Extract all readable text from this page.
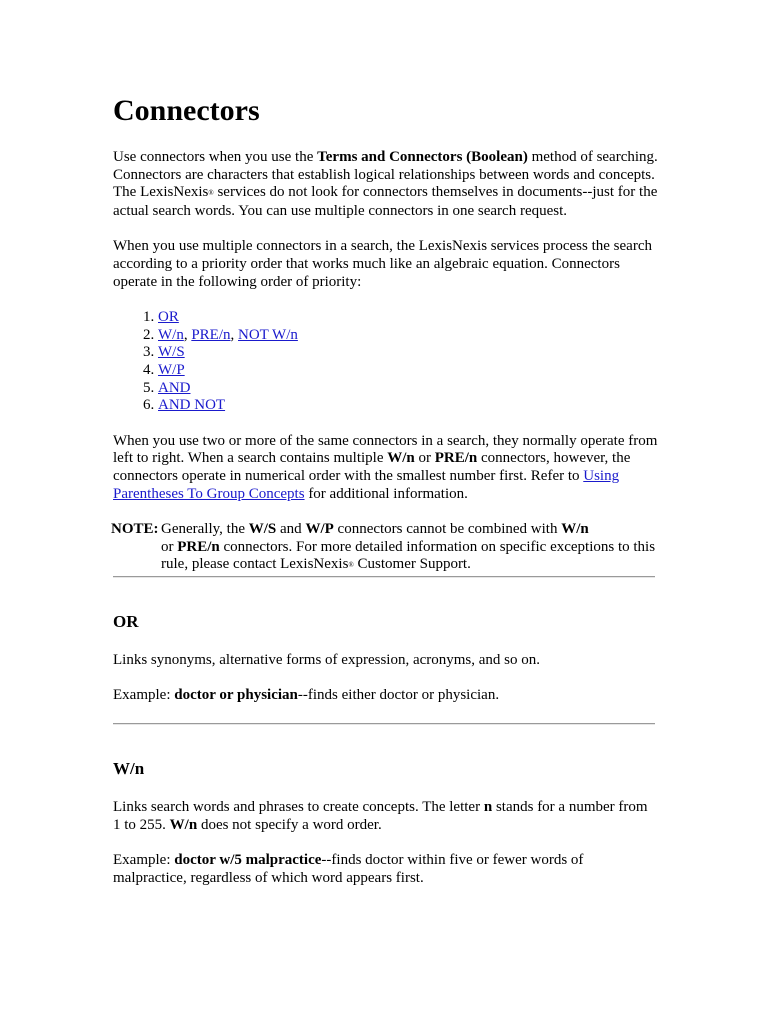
Connectors

Use connectors when you use the Terms and Connectors (Boolean) method of searching. Connectors are characters that establish logical relationships between words and concepts. The LexisNexis® services do not look for connectors themselves in documents--just for the actual search words. You can use multiple connectors in one search request.

When you use multiple connectors in a search, the LexisNexis services process the search according to a priority order that works much like an algebraic equation. Connectors operate in the following order of priority:

1. OR
2. W/n, PRE/n, NOT W/n
3. W/S
4. W/P
5. AND
6. AND NOT

When you use two or more of the same connectors in a search, they normally operate from left to right. When a search contains multiple W/n or PRE/n connectors, however, the connectors operate in numerical order with the smallest number first. Refer to Using Parentheses To Group Concepts for additional information.

NOTE: Generally, the W/S and W/P connectors cannot be combined with W/n
or PRE/n connectors. For more detailed information on specific exceptions to this rule, please contact LexisNexis® Customer Support.
OR

Links synonyms, alternative forms of expression, acronyms, and so on.

Example: doctor or physician--finds either doctor or physician.

W/n

Links search words and phrases to create concepts. The letter n stands for a number from 1 to 255. W/n does not specify a word order.

Example: doctor w/5 malpractice--finds doctor within five or fewer words of malpractice, regardless of which word appears first.
